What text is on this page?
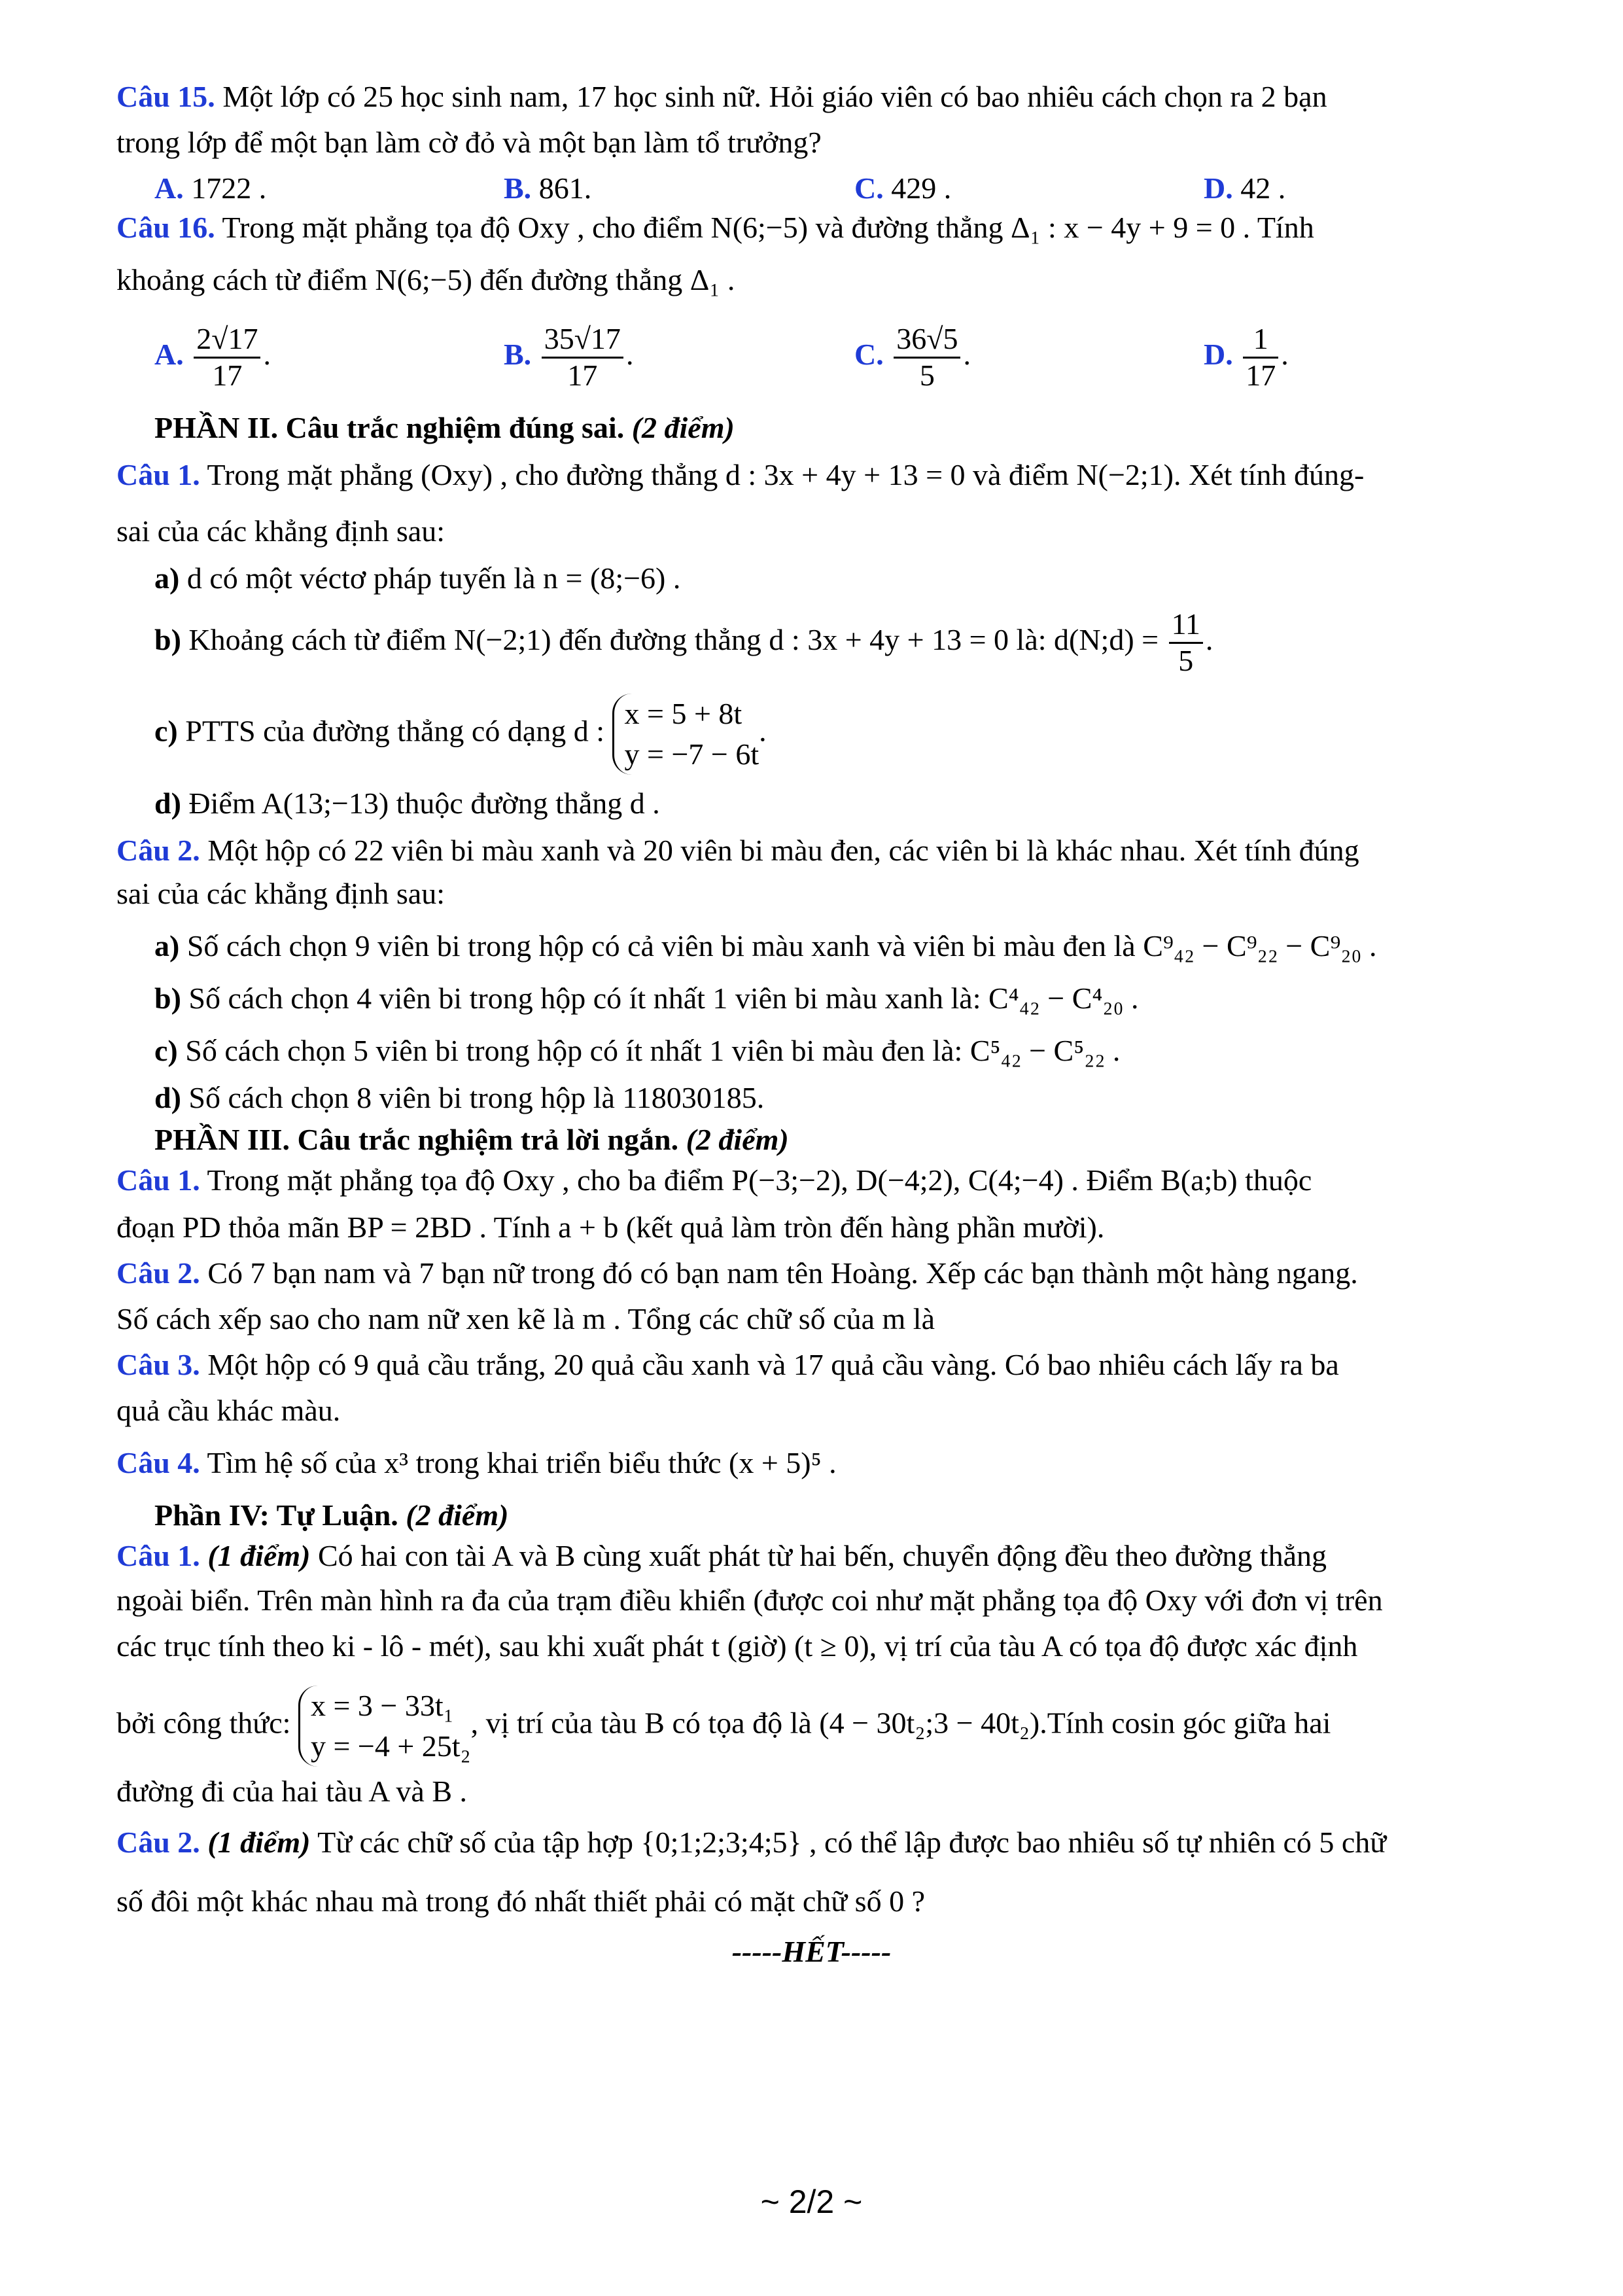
Câu 15. Một lớp có 25 học sinh nam, 17 học sinh nữ. Hỏi giáo viên có bao nhiêu cách chọn ra 2 bạn
trong lớp để một bạn làm cờ đỏ và một bạn làm tổ trưởng?
A. 1722 .	B. 861.	C. 429 .	D. 42 .
Câu 16. Trong mặt phẳng tọa độ Oxy , cho điểm N(6;−5) và đường thẳng Δ₁ : x − 4y + 9 = 0 . Tính
khoảng cách từ điểm N(6;−5) đến đường thẳng Δ₁ .
A. $\frac{2√17}{17}$ .	B. $\frac{35√17}{17}$ .	C. $\frac{36√5}{5}$ .	D. $\frac{1}{17}$ .
PHẦN II. Câu trắc nghiệm đúng sai. (2 điểm)
Câu 1. Trong mặt phẳng (Oxy) , cho đường thẳng d : 3x + 4y + 13 = 0 và điểm N(−2;1). Xét tính đúng-
sai của các khẳng định sau:
a) d có một véctơ pháp tuyến là n = (8;−6) .
b) Khoảng cách từ điểm N(−2;1) đến đường thẳng d : 3x + 4y + 13 = 0 là: d(N;d) = $\frac{11}{5}$ .
c) PTTS của đường thẳng có dạng d :
x = 5 + 8t
y = −7 − 6t
.
d) Điểm A(13;−13) thuộc đường thẳng d .
Câu 2. Một hộp có 22 viên bi màu xanh và 20 viên bi màu đen, các viên bi là khác nhau. Xét tính đúng
sai của các khẳng định sau:
a) Số cách chọn 9 viên bi trong hộp có cả viên bi màu xanh và viên bi màu đen là C⁹₄₂ − C⁹₂₂ − C⁹₂₀ .
b) Số cách chọn 4 viên bi trong hộp có ít nhất 1 viên bi màu xanh là: C⁴₄₂ − C⁴₂₀ .
c) Số cách chọn 5 viên bi trong hộp có ít nhất 1 viên bi màu đen là: C⁵₄₂ − C⁵₂₂ .
d) Số cách chọn 8 viên bi trong hộp là 118030185.
PHẦN III. Câu trắc nghiệm trả lời ngắn. (2 điểm)
Câu 1. Trong mặt phẳng tọa độ Oxy , cho ba điểm P(−3;−2), D(−4;2), C(4;−4) . Điểm B(a;b) thuộc
đoạn PD thỏa mãn BP = 2BD . Tính a + b (kết quả làm tròn đến hàng phần mười).
Câu 2. Có 7 bạn nam và 7 bạn nữ trong đó có bạn nam tên Hoàng. Xếp các bạn thành một hàng ngang.
Số cách xếp sao cho nam nữ xen kẽ là m . Tổng các chữ số của m là
Câu 3. Một hộp có 9 quả cầu trắng, 20 quả cầu xanh và 17 quả cầu vàng. Có bao nhiêu cách lấy ra ba
quả cầu khác màu.
Câu 4. Tìm hệ số của x³ trong khai triển biểu thức (x + 5)⁵ .
Phần IV: Tự Luận. (2 điểm)
Câu 1. (1 điểm) Có hai con tài A và B cùng xuất phát từ hai bến, chuyển động đều theo đường thẳng
ngoài biển. Trên màn hình ra đa của trạm điều khiển (được coi như mặt phẳng tọa độ Oxy với đơn vị trên
các trục tính theo ki - lô - mét), sau khi xuất phát t (giờ) (t ≥ 0), vị trí của tàu A có tọa độ được xác định
bởi công thức:
x = 3 − 33t₁
y = −4 + 25t₂
, vị trí của tàu B có tọa độ là (4 − 30t₂;3 − 40t₂).Tính cosin góc giữa hai
đường đi của hai tàu A và B .
Câu 2. (1 điểm) Từ các chữ số của tập hợp {0;1;2;3;4;5} , có thể lập được bao nhiêu số tự nhiên có 5 chữ
số đôi một khác nhau mà trong đó nhất thiết phải có mặt chữ số 0 ?
-----HẾT-----
~ 2/2 ~
